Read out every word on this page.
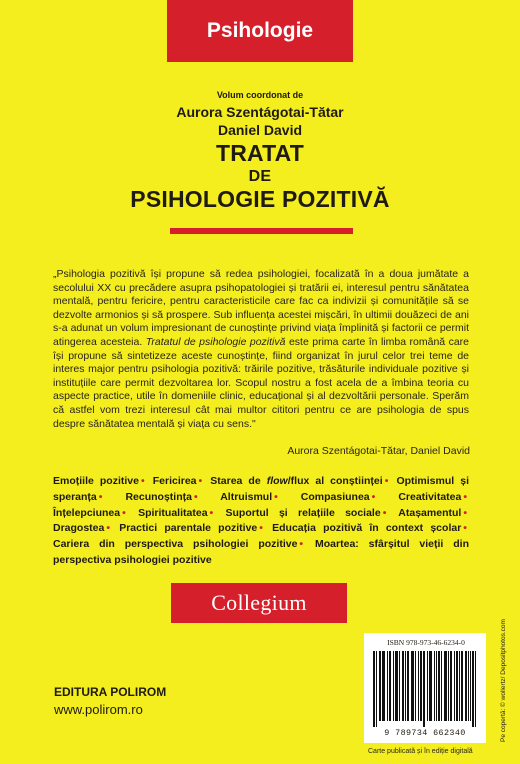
Psihologie
Volum coordonat de
Aurora Szentágotai-Tătar
Daniel David
TRATAT
DE
PSIHOLOGIE POZITIVĂ
„Psihologia pozitivă își propune să redea psihologiei, focalizată în a doua jumătate a secolului XX cu precădere asupra psihopatologiei și tratării ei, interesul pentru sănătatea mentală, pentru fericire, pentru caracteristicile care fac ca indivizii și comunitățile să se dezvolte armonios și să prospere. Sub influența acestei mișcări, în ultimii douăzeci de ani s-a adunat un volum impresionant de cunoștințe privind viața împlinită și factorii ce permit atingerea acesteia. Tratatul de psihologie pozitivă este prima carte în limba română care își propune să sintetizeze aceste cunoștințe, fiind organizat în jurul celor trei teme de interes major pentru psihologia pozitivă: trăirile pozitive, trăsăturile individuale pozitive și instituțiile care permit dezvoltarea lor. Scopul nostru a fost acela de a îmbina teoria cu aspecte practice, utile în domeniile clinic, educațional și al dezvoltării personale. Sperăm că astfel vom trezi interesul cât mai multor cititori pentru ce are psihologia de spus despre sănătatea mentală și viața cu sens."
Aurora Szentágotai-Tătar, Daniel David
Emoțiile pozitive • Fericirea • Starea de flow/flux al conștiinței • Optimismul și speranța • Recunoștința • Altruismul • Compasiunea • Creativitatea • Înțelepciunea • Spiritualitatea • Suportul și relațiile sociale • Atașamentul • Dragostea • Practici parentale pozitive • Educația pozitivă în context școlar • Cariera din perspectiva psihologiei pozitive • Moartea: sfârșitul vieții din perspectiva psihologiei pozitive
Collegium
EDITURA POLIROM
www.polirom.ro
ISBN 978-973-46-6234-0
9 789734 662340
Carte publicată și în ediție digitală
Pe copertă: © wollertz/ Depositphotos.com
